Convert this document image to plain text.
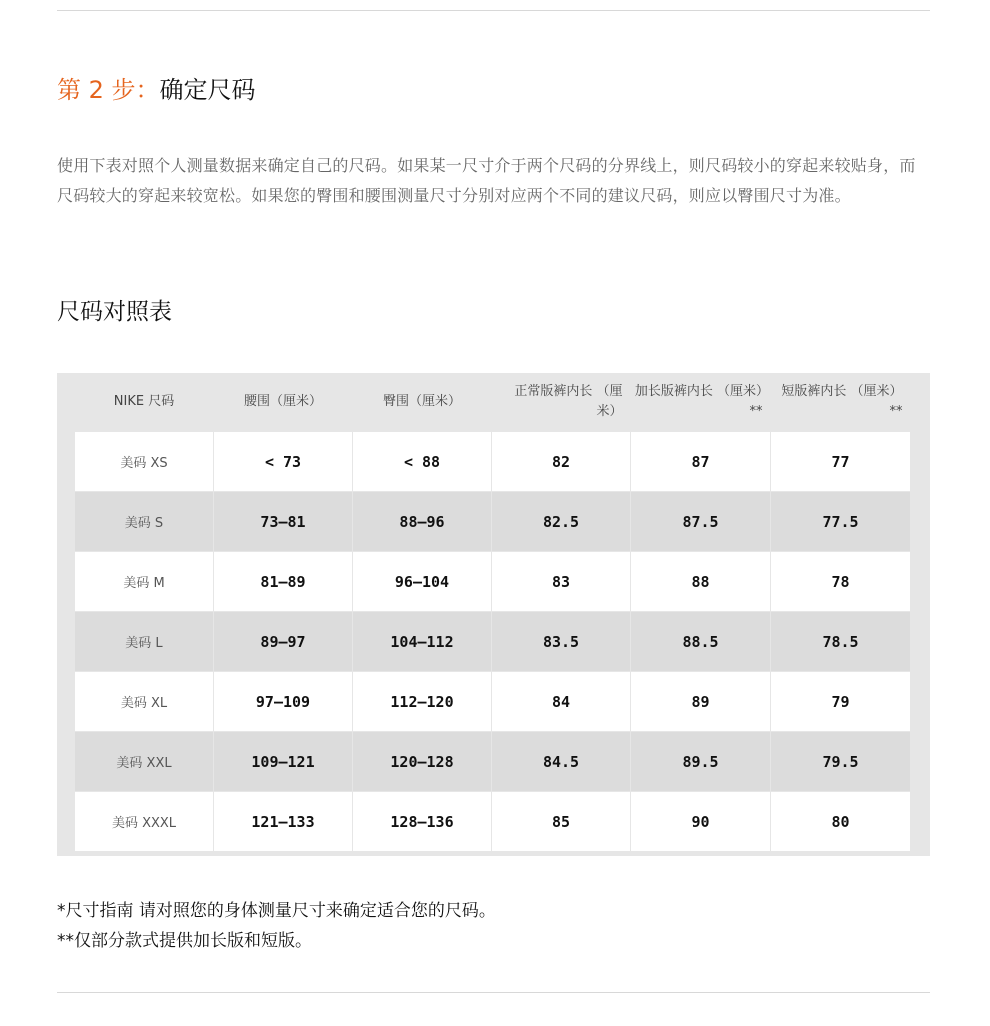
第 2 步：确定尺码

使用下表对照个人测量数据来确定自己的尺码。如果某一尺寸介于两个尺码的分界线上，则尺码较小的穿起来较贴身，而尺码较大的穿起来较宽松。如果您的臀围和腰围测量尺寸分别对应两个不同的建议尺码，则应以臀围尺寸为准。

尺码对照表
NIKE 尺码	腰围（厘米）	臀围（厘米）	正常版裤内长 （厘米）	加长版裤内长 （厘米）**	短版裤内长 （厘米）**
美码 XS	< 73	< 88	82	87	77
美码 S	73–81	88–96	82.5	87.5	77.5
美码 M	81–89	96–104	83	88	78
美码 L	89–97	104–112	83.5	88.5	78.5
美码 XL	97–109	112–120	84	89	79
美码 XXL	109–121	120–128	84.5	89.5	79.5
美码 XXXL	121–133	128–136	85	90	80
*尺寸指南 请对照您的身体测量尺寸来确定适合您的尺码。
**仅部分款式提供加长版和短版。
